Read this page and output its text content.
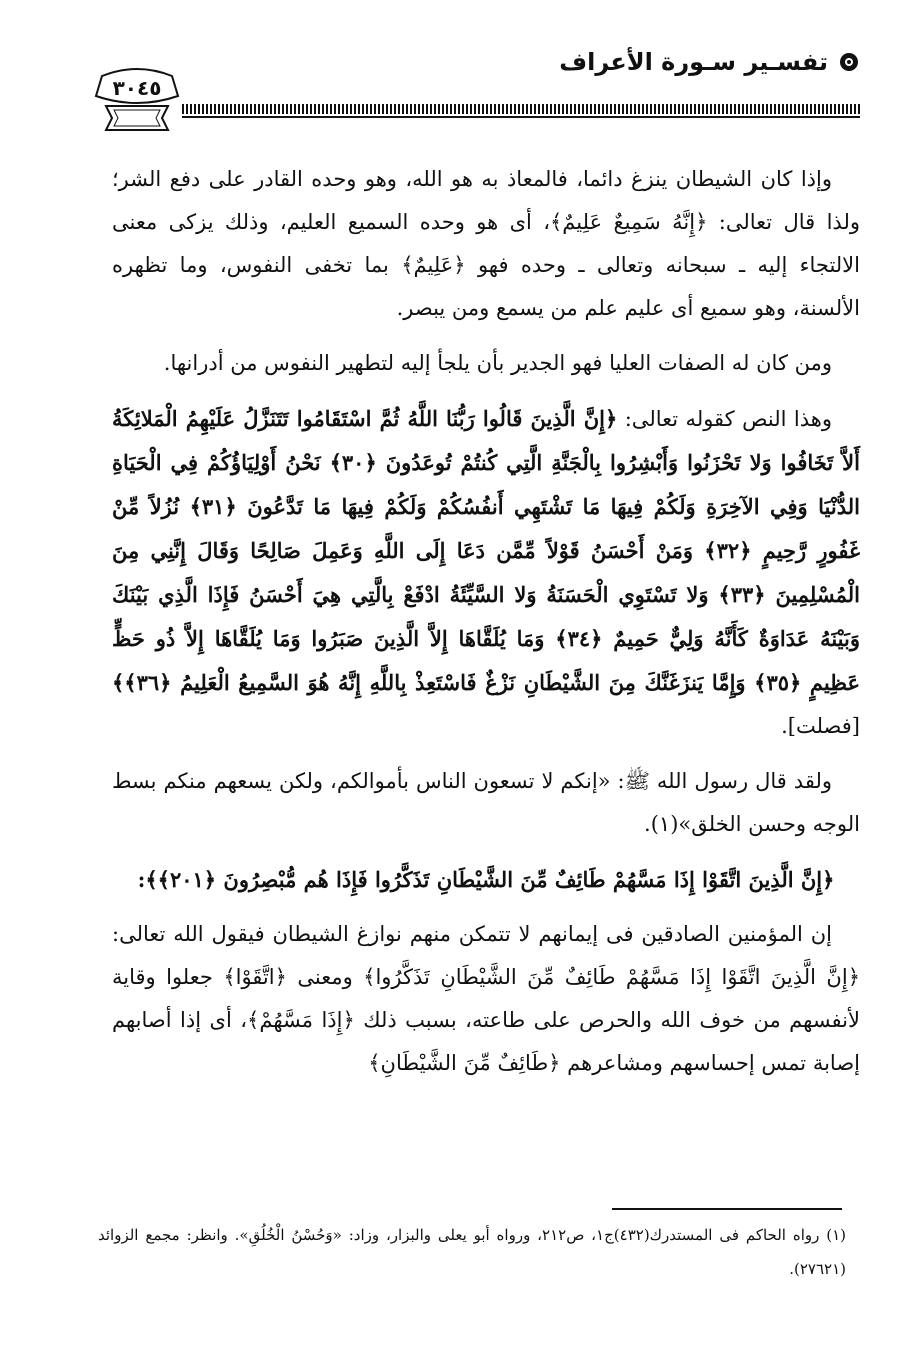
تفسـير سـورة الأعراف
٣٠٤٥

وإذا كان الشيطان ينزغ دائما، فالمعاذ به هو الله، وهو وحده القادر على دفع الشر؛ ولذا قال تعالى: ﴿إِنَّهُ سَمِيعٌ عَلِيمٌ﴾، أى هو وحده السميع العليم، وذلك يزكى معنى الالتجاء إليه ـ سبحانه وتعالى ـ وحده فهو ﴿عَلِيمٌ﴾ بما تخفى النفوس، وما تظهره الألسنة، وهو سميع أى عليم علم من يسمع ومن يبصر.

ومن كان له الصفات العليا فهو الجدير بأن يلجأ إليه لتطهير النفوس من أدرانها.

وهذا النص كقوله تعالى: ﴿إِنَّ الَّذِينَ قَالُوا رَبُّنَا اللَّهُ ثُمَّ اسْتَقَامُوا تَتَنَزَّلُ عَلَيْهِمُ الْمَلائِكَةُ أَلاَّ تَخَافُوا وَلا تَحْزَنُوا وَأَبْشِرُوا بِالْجَنَّةِ الَّتِي كُنتُمْ تُوعَدُونَ ﴿٣٠﴾ نَحْنُ أَوْلِيَاؤُكُمْ فِي الْحَيَاةِ الدُّنْيَا وَفِي الآخِرَةِ وَلَكُمْ فِيهَا مَا تَشْتَهِي أَنفُسُكُمْ وَلَكُمْ فِيهَا مَا تَدَّعُونَ ﴿٣١﴾ نُزُلاً مِّنْ غَفُورٍ رَّحِيمٍ ﴿٣٢﴾ وَمَنْ أَحْسَنُ قَوْلاً مِّمَّن دَعَا إِلَى اللَّهِ وَعَمِلَ صَالِحًا وَقَالَ إِنَّنِي مِنَ الْمُسْلِمِينَ ﴿٣٣﴾ وَلا تَسْتَوِي الْحَسَنَةُ وَلا السَّيِّئَةُ ادْفَعْ بِالَّتِي هِيَ أَحْسَنُ فَإِذَا الَّذِي بَيْنَكَ وَبَيْنَهُ عَدَاوَةٌ كَأَنَّهُ وَلِيٌّ حَمِيمٌ ﴿٣٤﴾ وَمَا يُلَقَّاهَا إِلاَّ الَّذِينَ صَبَرُوا وَمَا يُلَقَّاهَا إِلاَّ ذُو حَظٍّ عَظِيمٍ ﴿٣٥﴾ وَإِمَّا يَنزَغَنَّكَ مِنَ الشَّيْطَانِ نَزْغٌ فَاسْتَعِذْ بِاللَّهِ إِنَّهُ هُوَ السَّمِيعُ الْعَلِيمُ ﴿٣٦﴾﴾ [فصلت].

ولقد قال رسول الله ﷺ: «إنكم لا تسعون الناس بأموالكم، ولكن يسعهم منكم بسط الوجه وحسن الخلق»(١).

﴿إِنَّ الَّذِينَ اتَّقَوْا إِذَا مَسَّهُمْ طَائِفٌ مِّنَ الشَّيْطَانِ تَذَكَّرُوا فَإِذَا هُم مُّبْصِرُونَ ﴿٢٠١﴾﴾:

إن المؤمنين الصادقين فى إيمانهم لا تتمكن منهم نوازغ الشيطان فيقول الله تعالى: ﴿إِنَّ الَّذِينَ اتَّقَوْا إِذَا مَسَّهُمْ طَائِفٌ مِّنَ الشَّيْطَانِ تَذَكَّرُوا﴾ ومعنى ﴿اتَّقَوْا﴾ جعلوا وقاية لأنفسهم من خوف الله والحرص على طاعته، بسبب ذلك ﴿إِذَا مَسَّهُمْ﴾، أى إذا أصابهم إصابة تمس إحساسهم ومشاعرهم ﴿طَائِفٌ مِّنَ الشَّيْطَانِ﴾

(١) رواه الحاكم فى المستدرك(٤٣٢)ج١، ص٢١٢، ورواه أبو يعلى والبزار، وزاد: «وَحُسْنُ الْخُلُقِ». وانظر: مجمع الزوائد (٢٧٦٢١).
